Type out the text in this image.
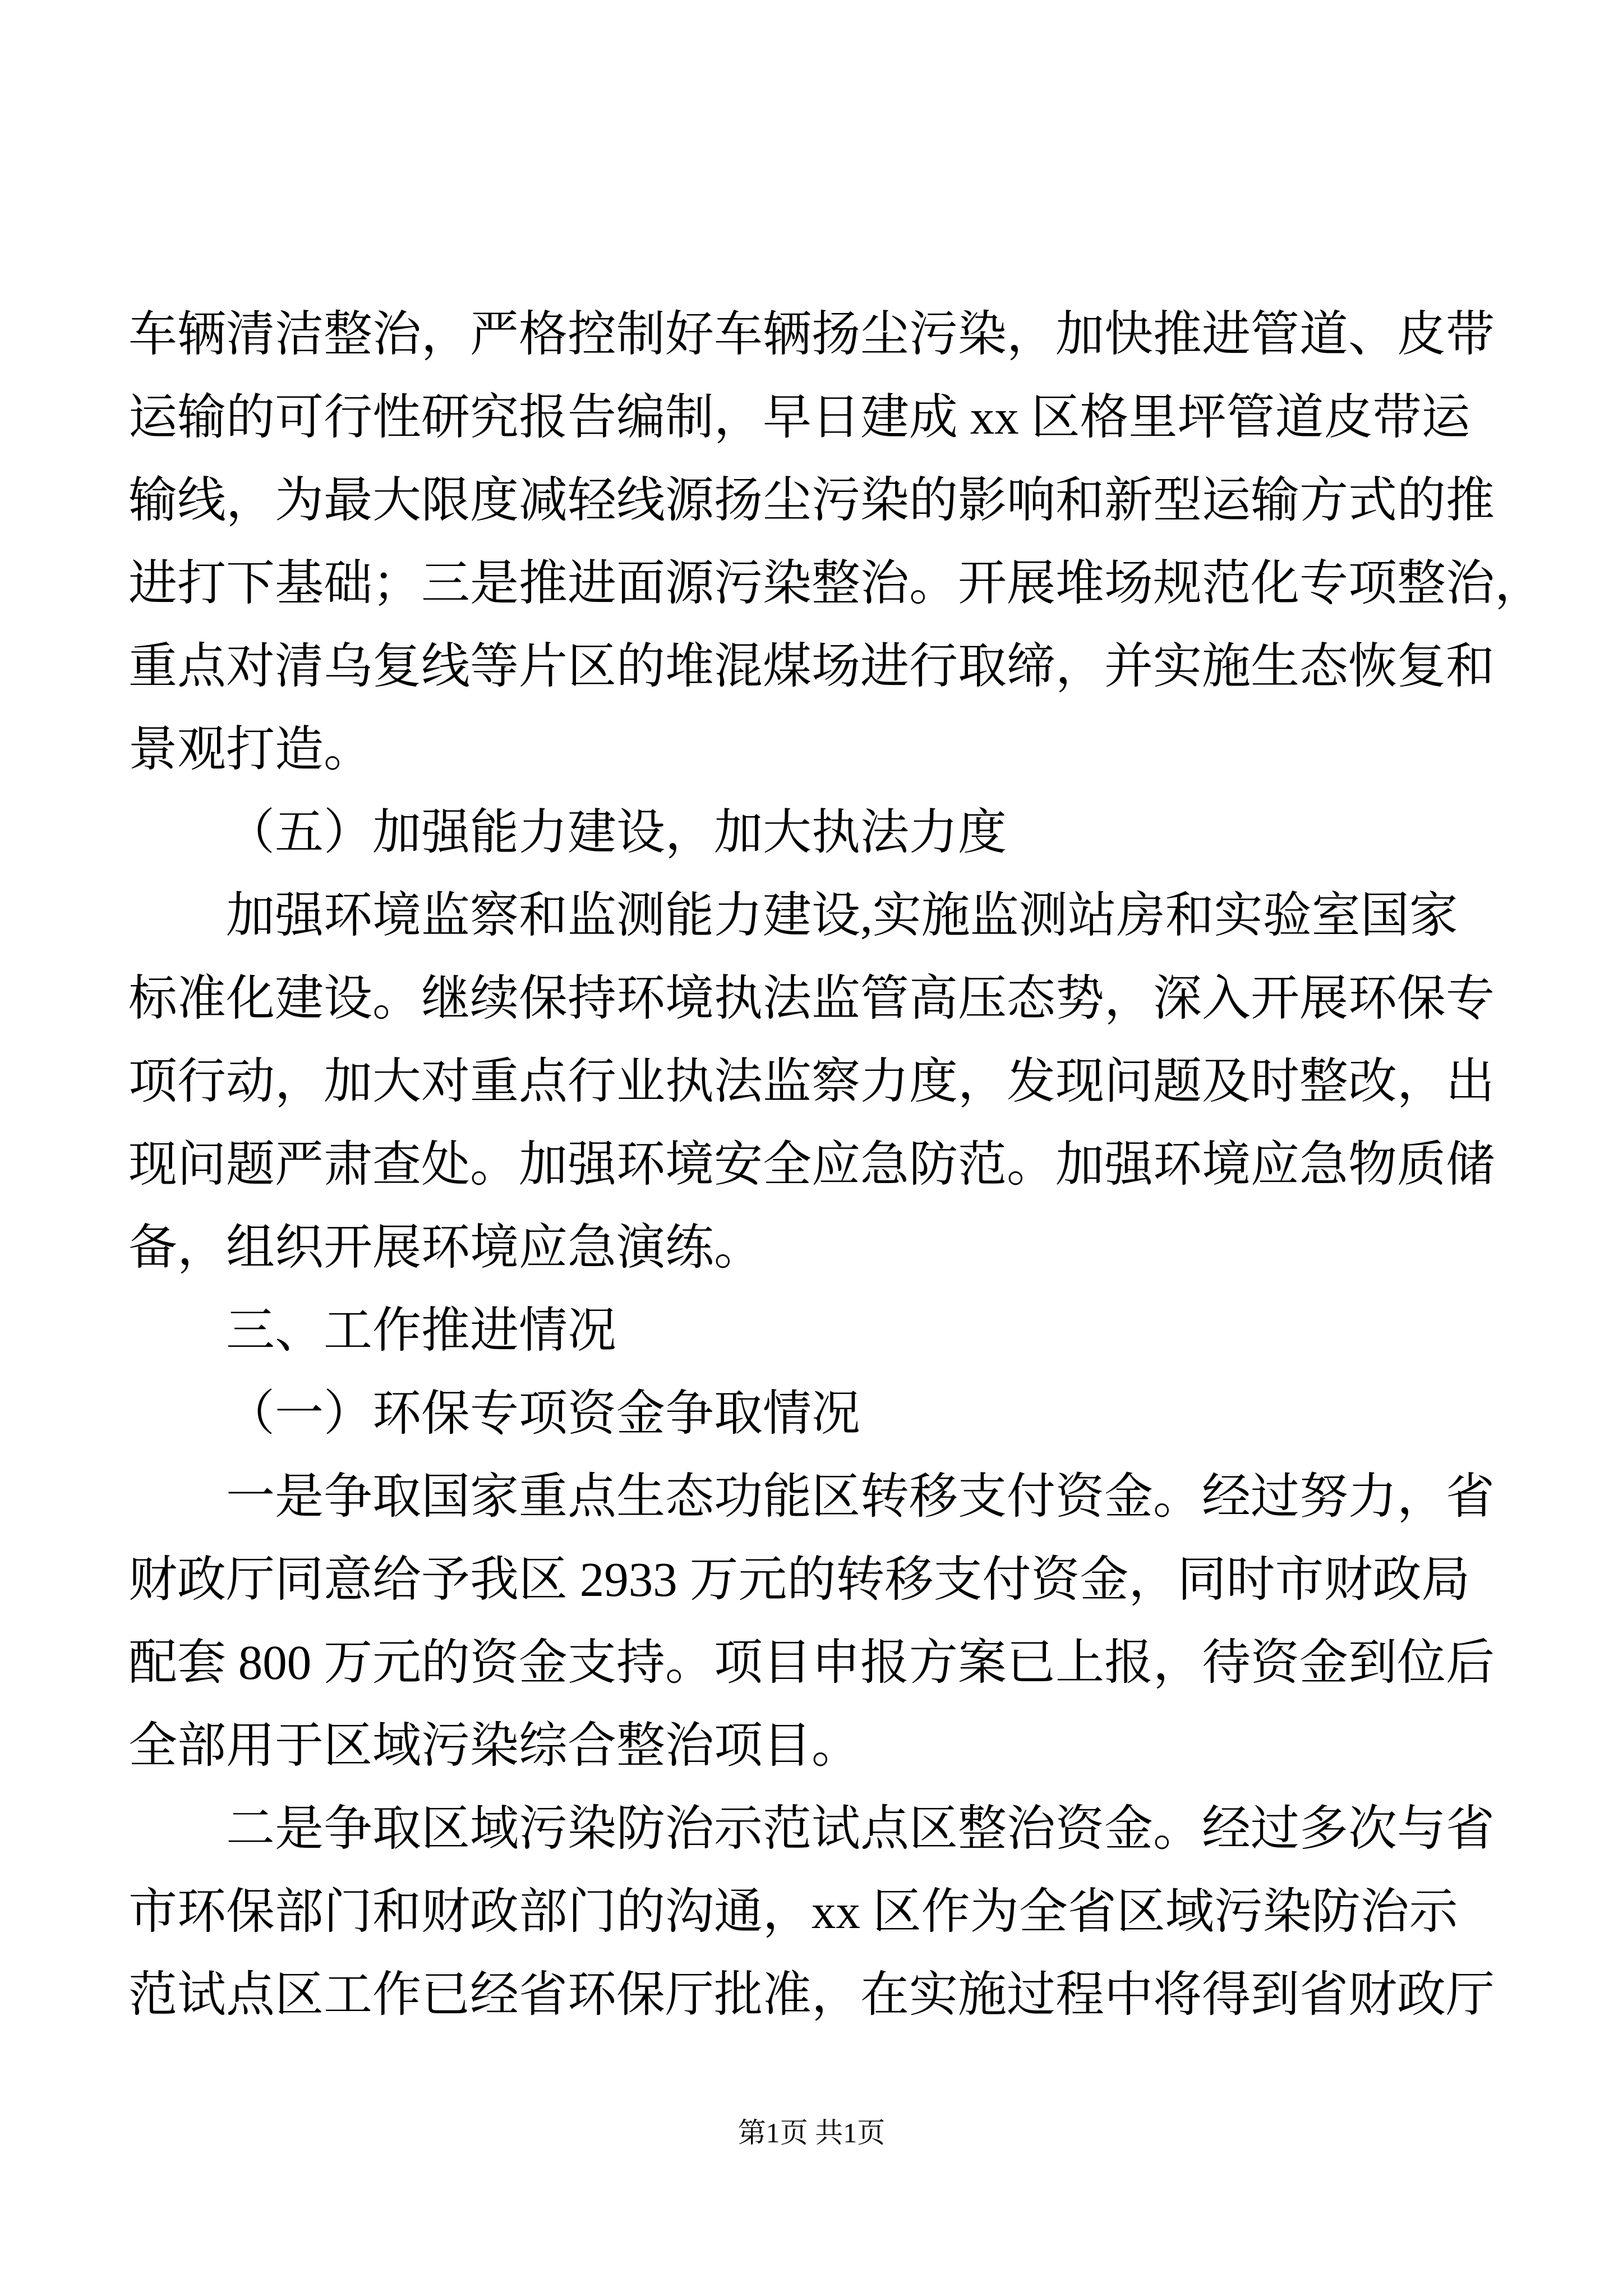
车辆清洁整治，严格控制好车辆扬尘污染，加快推进管道、皮带
运输的可行性研究报告编制，早日建成 xx 区格里坪管道皮带运
输线，为最大限度减轻线源扬尘污染的影响和新型运输方式的推
进打下基础；三是推进面源污染整治。开展堆场规范化专项整治，
重点对清乌复线等片区的堆混煤场进行取缔，并实施生态恢复和
景观打造。
（五）加强能力建设，加大执法力度
加强环境监察和监测能力建设,实施监测站房和实验室国家
标准化建设。继续保持环境执法监管高压态势，深入开展环保专
项行动，加大对重点行业执法监察力度，发现问题及时整改，出
现问题严肃查处。加强环境安全应急防范。加强环境应急物质储
备，组织开展环境应急演练。
三、工作推进情况
（一）环保专项资金争取情况
一是争取国家重点生态功能区转移支付资金。经过努力，省
财政厅同意给予我区 2933 万元的转移支付资金，同时市财政局
配套 800 万元的资金支持。项目申报方案已上报，待资金到位后
全部用于区域污染综合整治项目。
二是争取区域污染防治示范试点区整治资金。经过多次与省
市环保部门和财政部门的沟通，xx 区作为全省区域污染防治示
范试点区工作已经省环保厅批准，在实施过程中将得到省财政厅
第1页 共1页
